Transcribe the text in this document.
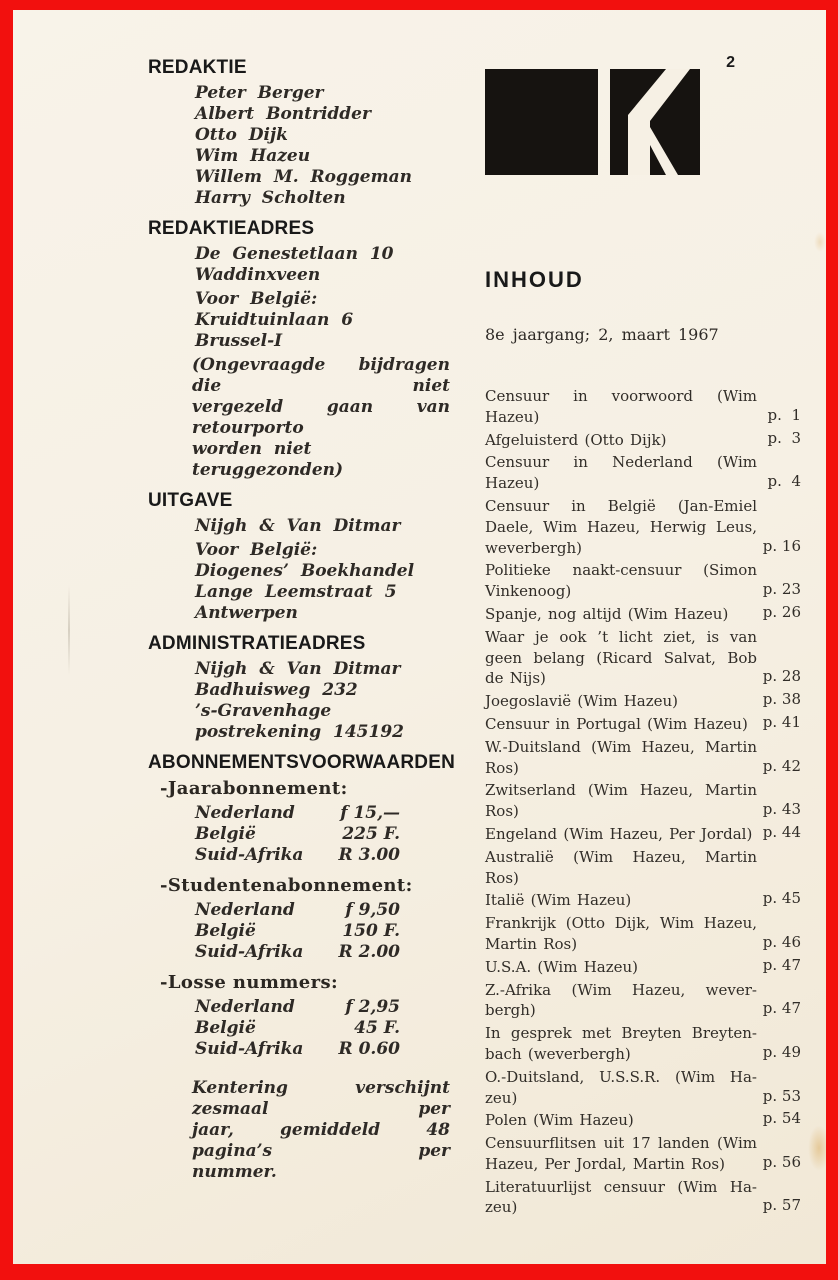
REDAKTIE
Peter Berger
Albert Bontridder
Otto Dijk
Wim Hazeu
Willem M. Roggeman
Harry Scholten
REDAKTIEADRES
De Genestetlaan 10
Waddinxveen
Voor België:
Kruidtuinlaan 6
Brussel-I
(Ongevraagde bijdragen die niet
vergezeld gaan van retourporto
worden niet teruggezonden)
UITGAVE
Nijgh & Van Ditmar
Voor België:
Diogenes’ Boekhandel
Lange Leemstraat 5
Antwerpen
ADMINISTRATIEADRES
Nijgh & Van Ditmar
Badhuisweg 232
’s-Gravenhage
postrekening 145192
ABONNEMENTSVOORWAARDEN
-Jaarabonnement:
Nederland	f 15,—
België	225 F.
Suid-Afrika R 3.00
-Studentenabonnement:
Nederland	f 9,50
België	150 F.
Suid-Afrika R 2.00
-Losse nummers:
Nederland	f 2,95
België	45 F.
Suid-Afrika R 0.60
Kentering verschijnt zesmaal per
jaar, gemiddeld 48 pagina’s per
nummer.
2
INHOUD
8e jaargang; 2, maart 1967
Censuur in voorwoord (Wim
Hazeu)	p.  1
Afgeluisterd (Otto Dijk)	p.  3
Censuur in Nederland (Wim
Hazeu)	p.  4
Censuur in België (Jan-Emiel
Daele, Wim Hazeu, Herwig Leus,
weverbergh)	p. 16
Politieke naakt-censuur (Simon
Vinkenoog)	p. 23
Spanje, nog altijd (Wim Hazeu)	p. 26
Waar je ook ’t licht ziet, is van
geen belang (Ricard Salvat, Bob
de Nijs)	p. 28
Joegoslavië (Wim Hazeu)	p. 38
Censuur in Portugal (Wim Hazeu) p. 41
W.-Duitsland (Wim Hazeu, Martin
Ros)	p. 42
Zwitserland (Wim Hazeu, Martin
Ros)	p. 43
Engeland (Wim Hazeu, Per Jordal) p. 44
Australië (Wim Hazeu, Martin
Ros)
Italië (Wim Hazeu)	p. 45
Frankrijk (Otto Dijk, Wim Hazeu,
Martin Ros)	p. 46
U.S.A. (Wim Hazeu)	p. 47
Z.-Afrika (Wim Hazeu, wever-
bergh)	p. 47
In gesprek met Breyten Breyten-
bach (weverbergh)	p. 49
O.-Duitsland, U.S.S.R. (Wim Ha-
zeu)	p. 53
Polen (Wim Hazeu)	p. 54
Censuurflitsen uit 17 landen (Wim
Hazeu, Per Jordal, Martin Ros)	p. 56
Literatuurlijst censuur (Wim Ha-
zeu)	p. 57
